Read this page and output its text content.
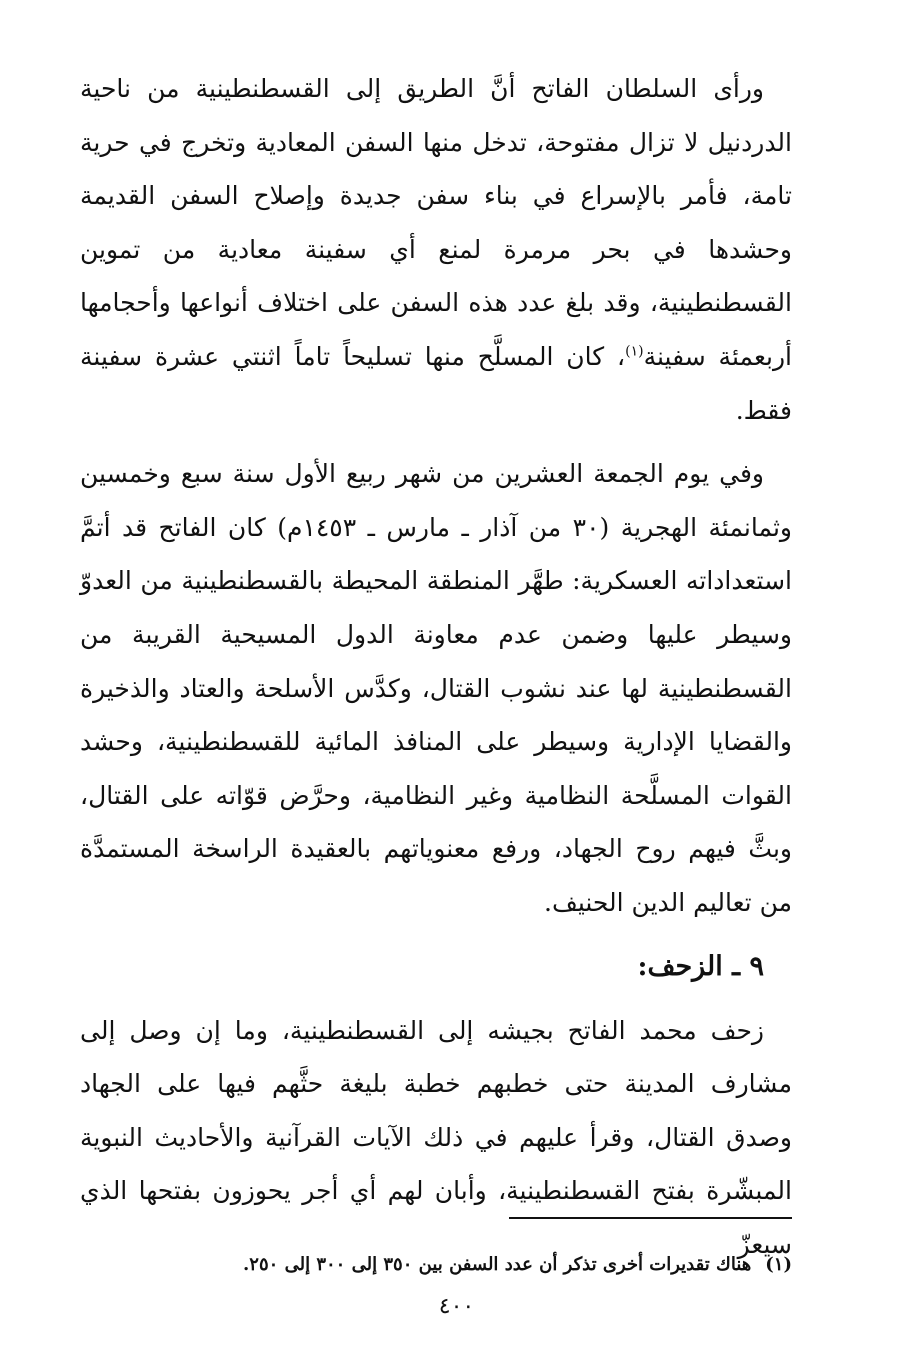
ورأى السلطان الفاتح أنَّ الطريق إلى القسطنطينية من ناحية الدردنيل لا تزال مفتوحة، تدخل منها السفن المعادية وتخرج في حرية تامة، فأمر بالإسراع في بناء سفن جديدة وإصلاح السفن القديمة وحشدها في بحر مرمرة لمنع أي سفينة معادية من تموين القسطنطينية، وقد بلغ عدد هذه السفن على اختلاف أنواعها وأحجامها أربعمئة سفينة$^{(١)}$، كان المسلَّح منها تسليحاً تاماً اثنتي عشرة سفينة فقط.

وفي يوم الجمعة العشرين من شهر ربيع الأول سنة سبع وخمسين وثمانمئة الهجرية (٣٠ من آذار ـ مارس ـ ١٤٥٣م) كان الفاتح قد أتمَّ استعداداته العسكرية: طهَّر المنطقة المحيطة بالقسطنطينية من العدوّ وسيطر عليها وضمن عدم معاونة الدول المسيحية القريبة من القسطنطينية لها عند نشوب القتال، وكدَّس الأسلحة والعتاد والذخيرة والقضايا الإدارية وسيطر على المنافذ المائية للقسطنطينية، وحشد القوات المسلَّحة النظامية وغير النظامية، وحرَّض قوّاته على القتال، وبثَّ فيهم روح الجهاد، ورفع معنوياتهم بالعقيدة الراسخة المستمدَّة من تعاليم الدين الحنيف.

٩ ـ الزحف:

زحف محمد الفاتح بجيشه إلى القسطنطينية، وما إن وصل إلى مشارف المدينة حتى خطبهم خطبة بليغة حثَّهم فيها على الجهاد وصدق القتال، وقرأ عليهم في ذلك الآيات القرآنية والأحاديث النبوية المبشّرة بفتح القسطنطينية، وأبان لهم أي أجر يحوزون بفتحها الذي سيعزّ

(١)هناك تقديرات أخرى تذكر أن عدد السفن بين ٣٥٠ إلى ٣٠٠ إلى ٢٥٠.
٤٠٠
